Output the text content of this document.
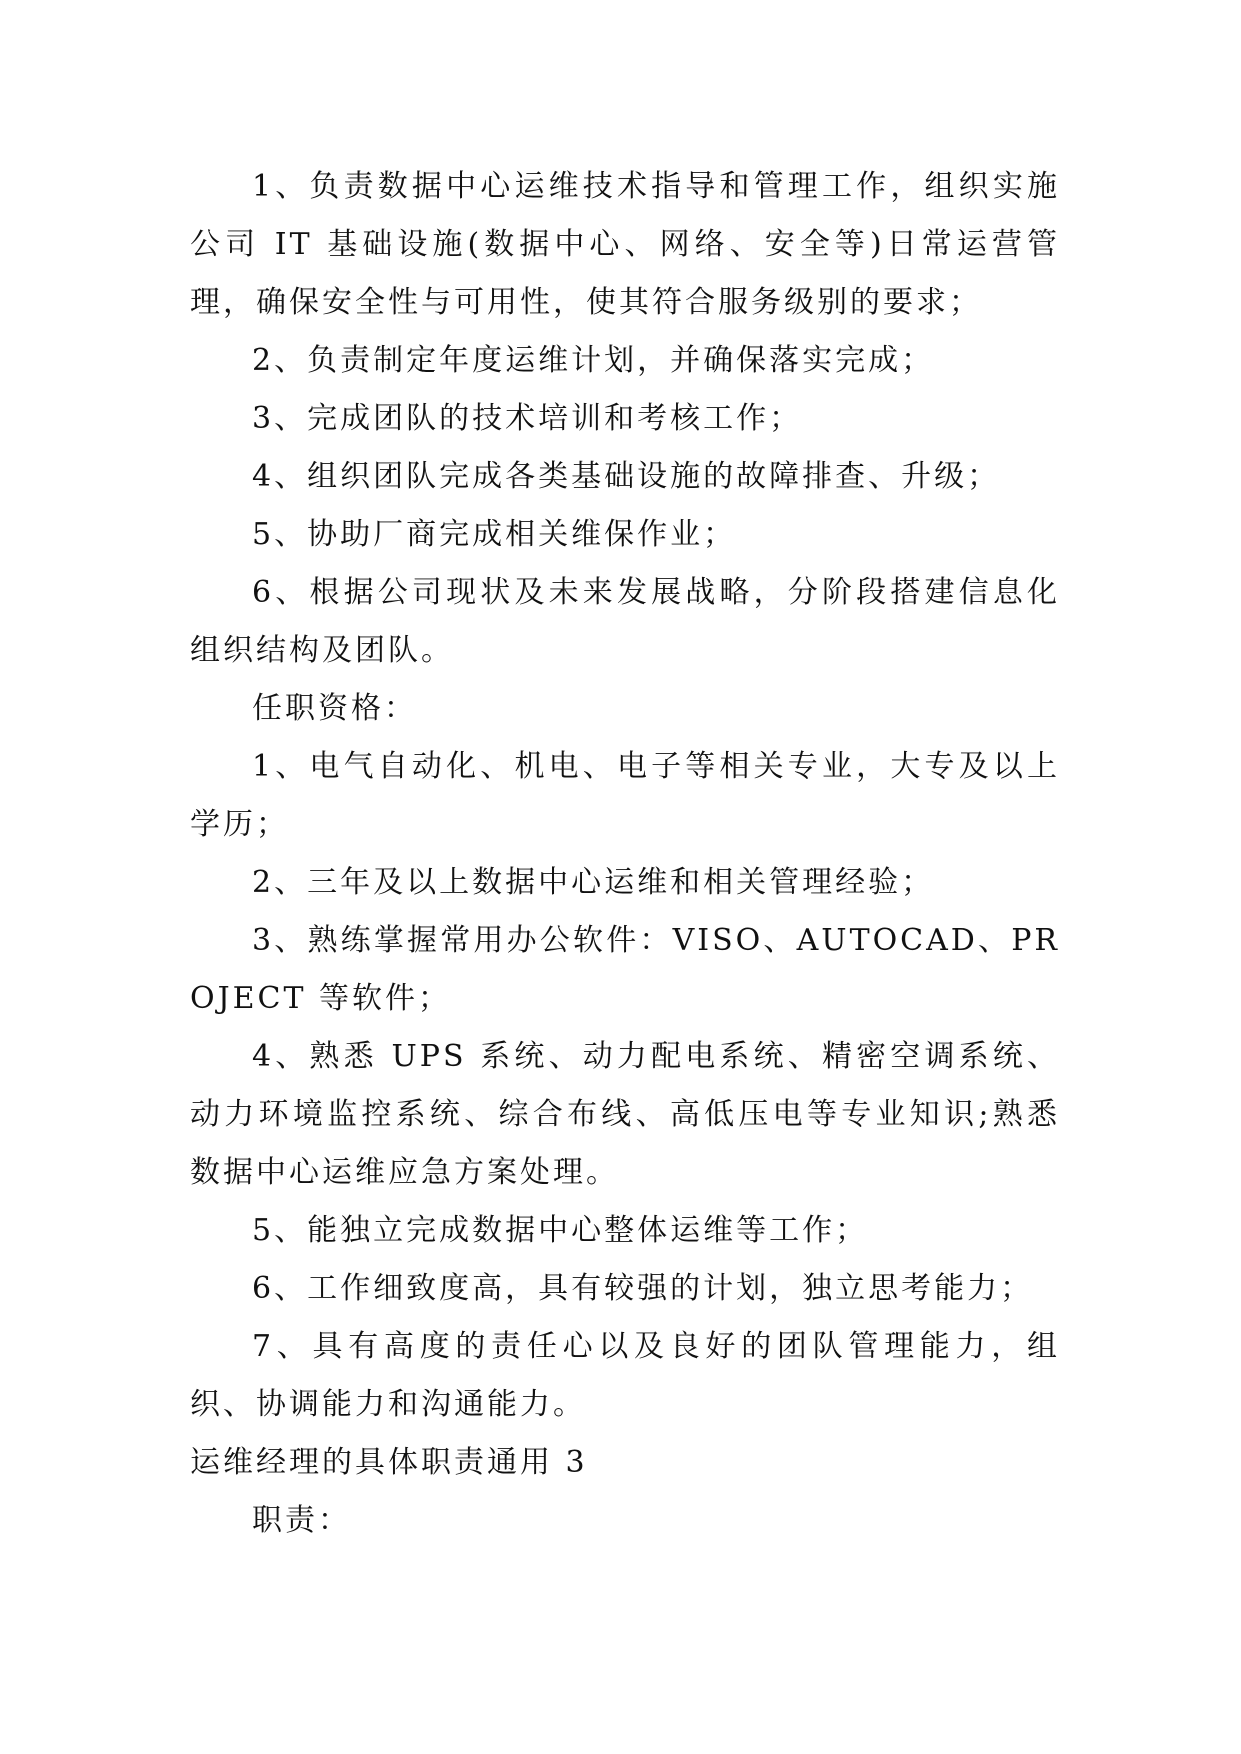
1、负责数据中心运维技术指导和管理工作，组织实施公司 IT 基础设施(数据中心、网络、安全等)日常运营管理，确保安全性与可用性，使其符合服务级别的要求；

2、负责制定年度运维计划，并确保落实完成；

3、完成团队的技术培训和考核工作；

4、组织团队完成各类基础设施的故障排查、升级；

5、协助厂商完成相关维保作业；

6、根据公司现状及未来发展战略，分阶段搭建信息化组织结构及团队。

任职资格：

1、电气自动化、机电、电子等相关专业，大专及以上学历；

2、三年及以上数据中心运维和相关管理经验；

3、熟练掌握常用办公软件：VISO、AUTOCAD、PROJECT 等软件；

4、熟悉 UPS 系统、动力配电系统、精密空调系统、动力环境监控系统、综合布线、高低压电等专业知识;熟悉数据中心运维应急方案处理。

5、能独立完成数据中心整体运维等工作；

6、工作细致度高，具有较强的计划，独立思考能力；

7、具有高度的责任心以及良好的团队管理能力，组织、协调能力和沟通能力。

运维经理的具体职责通用 3

职责：
